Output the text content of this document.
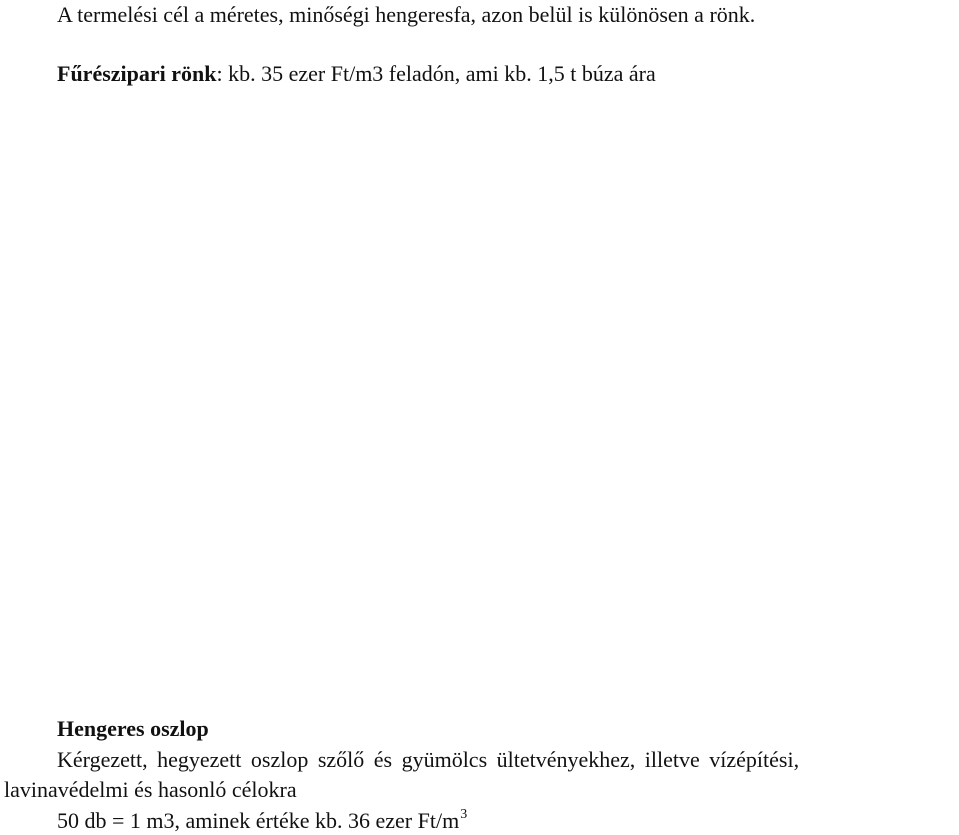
A termelési cél a méretes, minőségi hengeresfa, azon belül is különösen a rönk.
Fűrészipari rönk: kb. 35 ezer Ft/m3 feladón, ami kb. 1,5 t búza ára
Hengeres oszlop
Kérgezett, hegyezett oszlop szőlő és gyümölcs ültetvényekhez, illetve vízépítési,
lavinavédelmi és hasonló célokra
50 db = 1 m3, aminek értéke kb. 36 ezer $Ft/m^3$
